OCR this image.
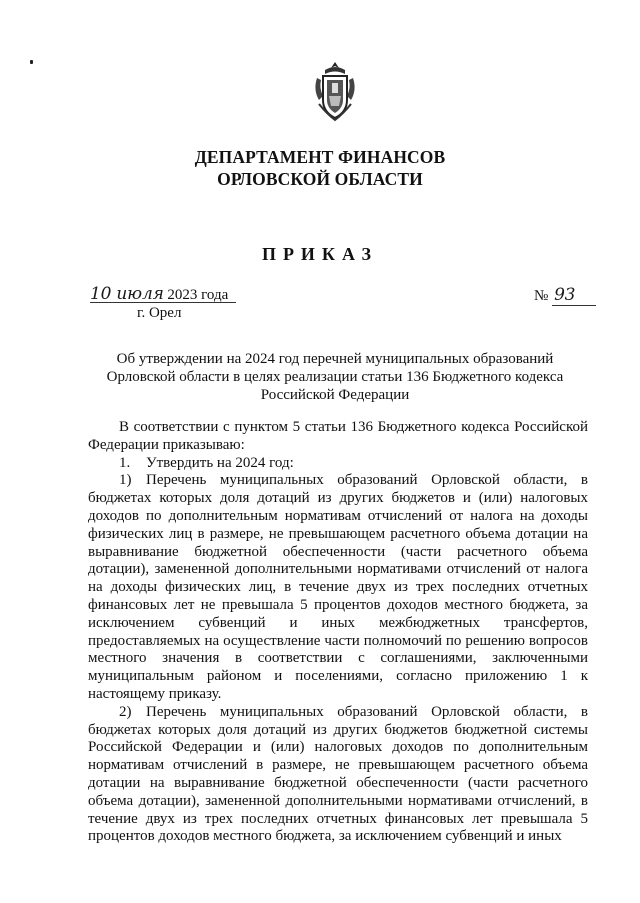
ДЕПАРТАМЕНТ ФИНАНСОВ
ОРЛОВСКОЙ ОБЛАСТИ
ПРИКАЗ
10 июля 2023 года	№ 93
г. Орел
Об утверждении на 2024 год перечней муниципальных образований
Орловской области в целях реализации статьи 136 Бюджетного кодекса
Российской Федерации

В соответствии с пунктом 5 статьи 136 Бюджетного кодекса Российской Федерации приказываю:

1. Утвердить на 2024 год:

1) Перечень муниципальных образований Орловской области, в бюджетах которых доля дотаций из других бюджетов и (или) налоговых доходов по дополнительным нормативам отчислений от налога на доходы физических лиц в размере, не превышающем расчетного объема дотации на выравнивание бюджетной обеспеченности (части расчетного объема дотации), замененной дополнительными нормативами отчислений от налога на доходы физических лиц, в течение двух из трех последних отчетных финансовых лет не превышала 5 процентов доходов местного бюджета, за исключением субвенций и иных межбюджетных трансфертов, предоставляемых на осуществление части полномочий по решению вопросов местного значения в соответствии с соглашениями, заключенными муниципальным районом и поселениями, согласно приложению 1 к настоящему приказу.

2) Перечень муниципальных образований Орловской области, в бюджетах которых доля дотаций из других бюджетов бюджетной системы Российской Федерации и (или) налоговых доходов по дополнительным нормативам отчислений в размере, не превышающем расчетного объема дотации на выравнивание бюджетной обеспеченности (части расчетного объема дотации), замененной дополнительными нормативами отчислений, в течение двух из трех последних отчетных финансовых лет превышала 5 процентов доходов местного бюджета, за исключением субвенций и иных
